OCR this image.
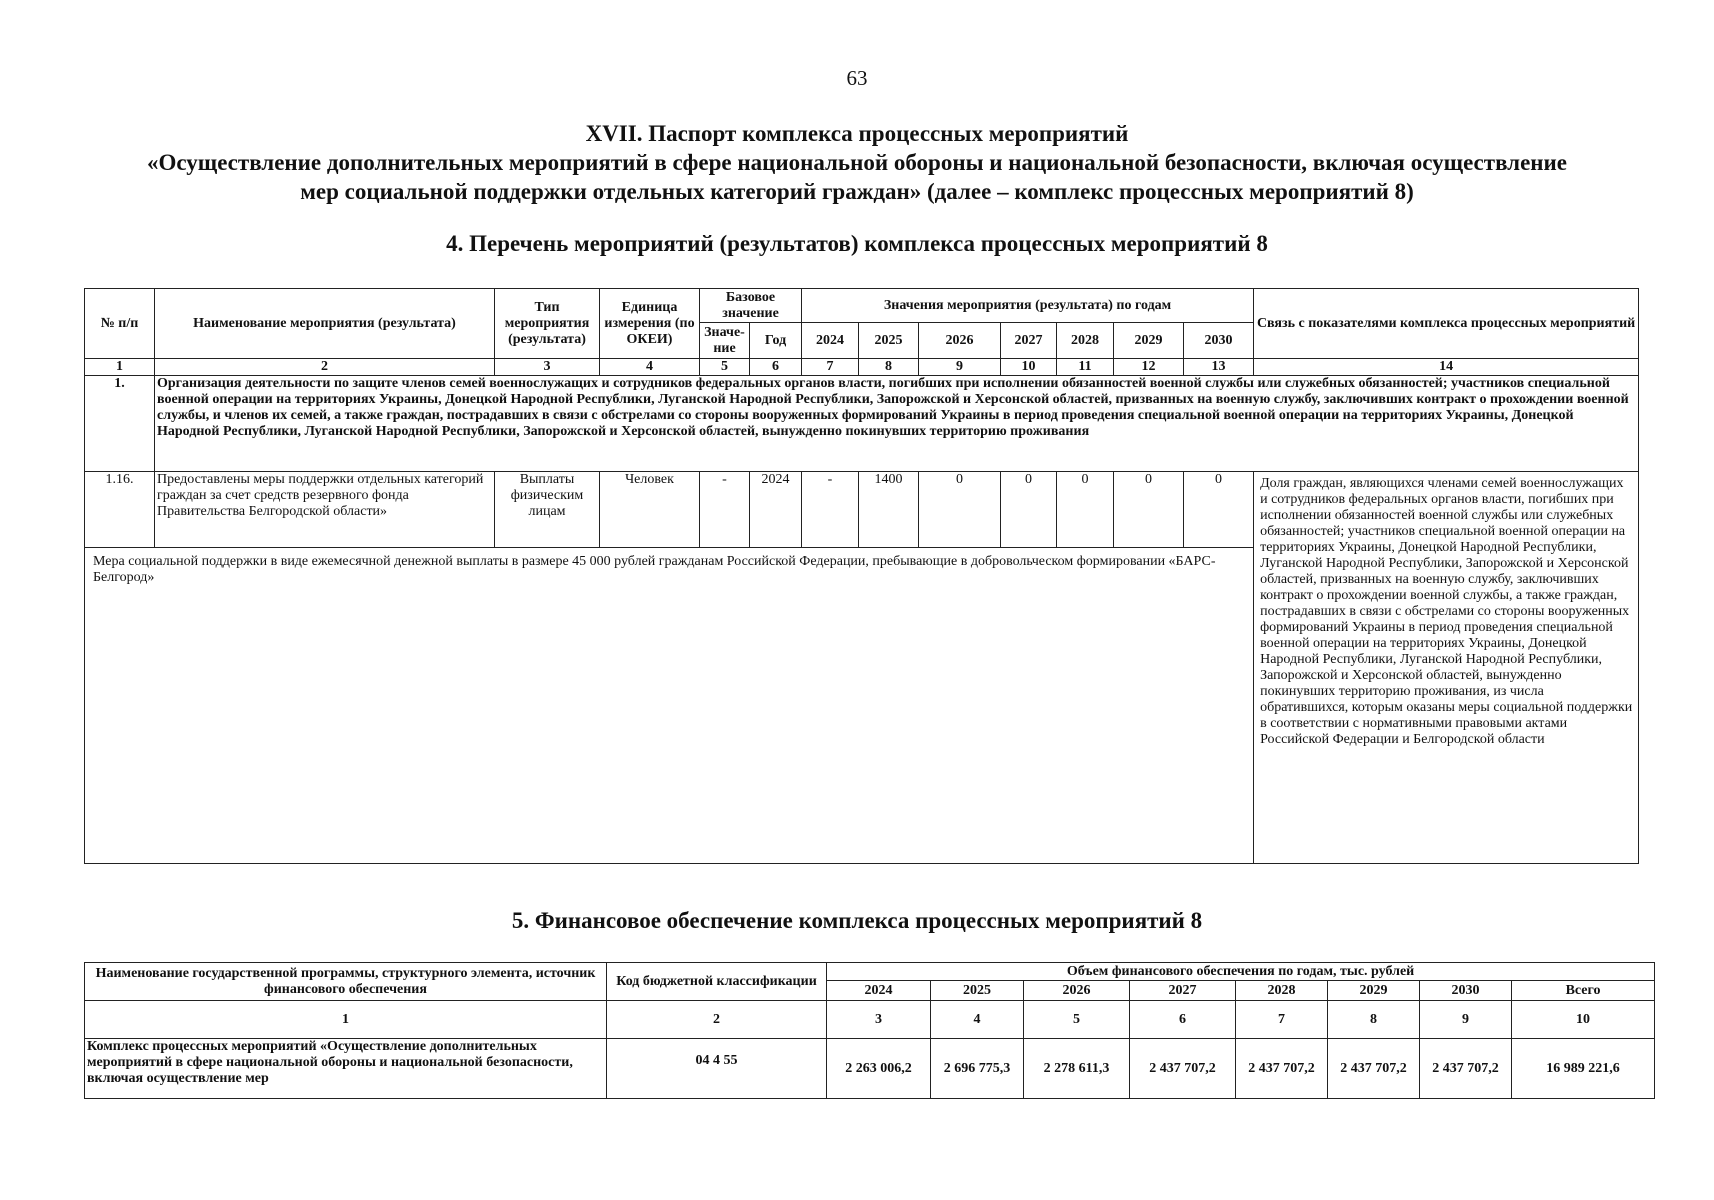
63
XVII. Паспорт комплекса процессных мероприятий
«Осуществление дополнительных мероприятий в сфере национальной обороны и национальной безопасности, включая осуществление
мер социальной поддержки отдельных категорий граждан» (далее – комплекс процессных мероприятий 8)
4. Перечень мероприятий (результатов) комплекса процессных мероприятий 8
№ п/п	Наименование мероприятия (результата)	Тип мероприятия (результата)	Единица измерения (по ОКЕИ)	Базовое значение		Значения мероприятия (результата) по годам							Связь с показателями комплекса процессных мероприятий
				Значе-ние	Год	2024	2025	2026	2027	2028	2029	2030	
1	2	3	4	5	6	7	8	9	10	11	12	13	14
1.	Организация деятельности по защите членов семей военнослужащих и сотрудников федеральных органов власти, погибших при исполнении обязанностей военной службы или служебных обязанностей; участников специальной военной операции на территориях Украины, Донецкой Народной Республики, Луганской Народной Республики, Запорожской и Херсонской областей, призванных на военную службу, заключивших контракт о прохождении военной службы, и членов их семей, а также граждан, пострадавших в связи с обстрелами со стороны вооруженных формирований Украины в период проведения специальной военной операции на территориях Украины, Донецкой Народной Республики, Луганской Народной Республики, Запорожской и Херсонской областей, вынужденно покинувших территорию проживания												
1.16.	Предоставлены меры поддержки отдельных категорий граждан за счет средств резервного фонда Правительства Белгородской области»	Выплаты физическим лицам	Человек	-	2024	-	1400	0	0	0	0	0	Доля граждан, являющихся членами семей военнослужащих и сотрудников федеральных органов власти, погибших при исполнении обязанностей военной службы или служебных обязанностей; участников специальной военной операции на территориях Украины, Донецкой Народной Республики, Луганской Народной Республики, Запорожской и Херсонской областей, призванных на военную службу, заключивших контракт о прохождении военной службы, а также граждан, пострадавших в связи с обстрелами со стороны вооруженных формирований Украины в период проведения специальной военной операции на территориях Украины, Донецкой Народной Республики, Луганской Народной Республики, Запорожской и Херсонской областей, вынужденно покинувших территорию проживания, из числа обратившихся, которым оказаны меры социальной поддержки в соответствии с нормативными правовыми актами Российской Федерации и Белгородской области
Мера социальной поддержки в виде ежемесячной денежной выплаты в размере 45 000 рублей гражданам Российской Федерации, пребывающие в добровольческом формировании «БАРС-Белгород»													
5. Финансовое обеспечение комплекса процессных мероприятий 8
Наименование государственной программы, структурного элемента, источник финансового обеспечения	Код бюджетной классификации	Объем финансового обеспечения по годам, тыс. рублей							
		2024	2025	2026	2027	2028	2029	2030	Всего
1	2	3	4	5	6	7	8	9	10
Комплекс процессных мероприятий «Осуществление дополнительных мероприятий в сфере национальной обороны и национальной безопасности, включая осуществление мер	04 4 55	2 263 006,2	2 696 775,3	2 278 611,3	2 437 707,2	2 437 707,2	2 437 707,2	2 437 707,2	16 989 221,6
